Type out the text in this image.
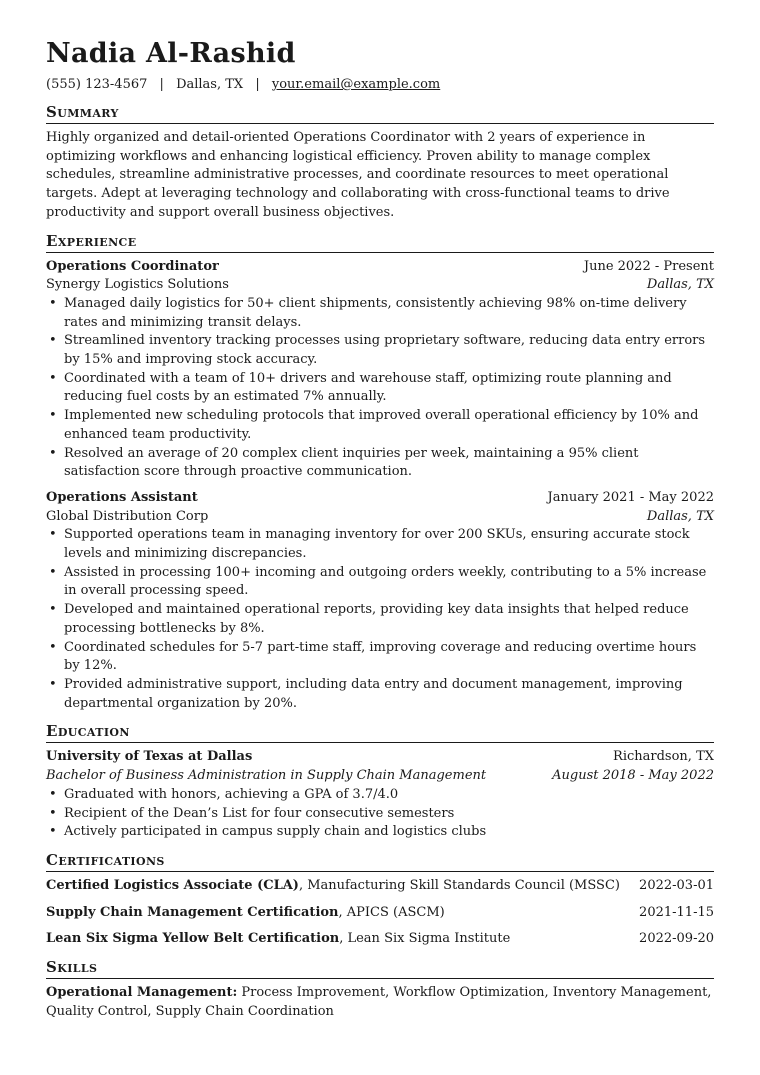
Nadia Al-Rashid
(555) 123-4567 | Dallas, TX | your.email@example.com
Summary

Highly organized and detail-oriented Operations Coordinator with 2 years of experience in optimizing workflows and enhancing logistical efficiency. Proven ability to manage complex schedules, streamline administrative processes, and coordinate resources to meet operational targets. Adept at leveraging technology and collaborating with cross-functional teams to drive productivity and support overall business objectives.

Experience
Operations Coordinator	June 2022 - Present
Synergy Logistics Solutions	Dallas, TX
• Managed daily logistics for 50+ client shipments, consistently achieving 98% on-time delivery rates and minimizing transit delays.
• Streamlined inventory tracking processes using proprietary software, reducing data entry errors by 15% and improving stock accuracy.
• Coordinated with a team of 10+ drivers and warehouse staff, optimizing route planning and reducing fuel costs by an estimated 7% annually.
• Implemented new scheduling protocols that improved overall operational efficiency by 10% and enhanced team productivity.
• Resolved an average of 20 complex client inquiries per week, maintaining a 95% client satisfaction score through proactive communication.
Operations Assistant	January 2021 - May 2022
Global Distribution Corp	Dallas, TX
• Supported operations team in managing inventory for over 200 SKUs, ensuring accurate stock levels and minimizing discrepancies.
• Assisted in processing 100+ incoming and outgoing orders weekly, contributing to a 5% increase in overall processing speed.
• Developed and maintained operational reports, providing key data insights that helped reduce processing bottlenecks by 8%.
• Coordinated schedules for 5-7 part-time staff, improving coverage and reducing overtime hours by 12%.
• Provided administrative support, including data entry and document management, improving departmental organization by 20%.
Education
University of Texas at Dallas	Richardson, TX
Bachelor of Business Administration in Supply Chain Management	August 2018 - May 2022
• Graduated with honors, achieving a GPA of 3.7/4.0
• Recipient of the Dean’s List for four consecutive semesters
• Actively participated in campus supply chain and logistics clubs
Certifications
Certified Logistics Associate (CLA), Manufacturing Skill Standards Council (MSSC) 2022-03-01
Supply Chain Management Certification, APICS (ASCM)	2021-11-15
Lean Six Sigma Yellow Belt Certification, Lean Six Sigma Institute	2022-09-20
Skills

Operational Management: Process Improvement, Workflow Optimization, Inventory Management, Quality Control, Supply Chain Coordination
